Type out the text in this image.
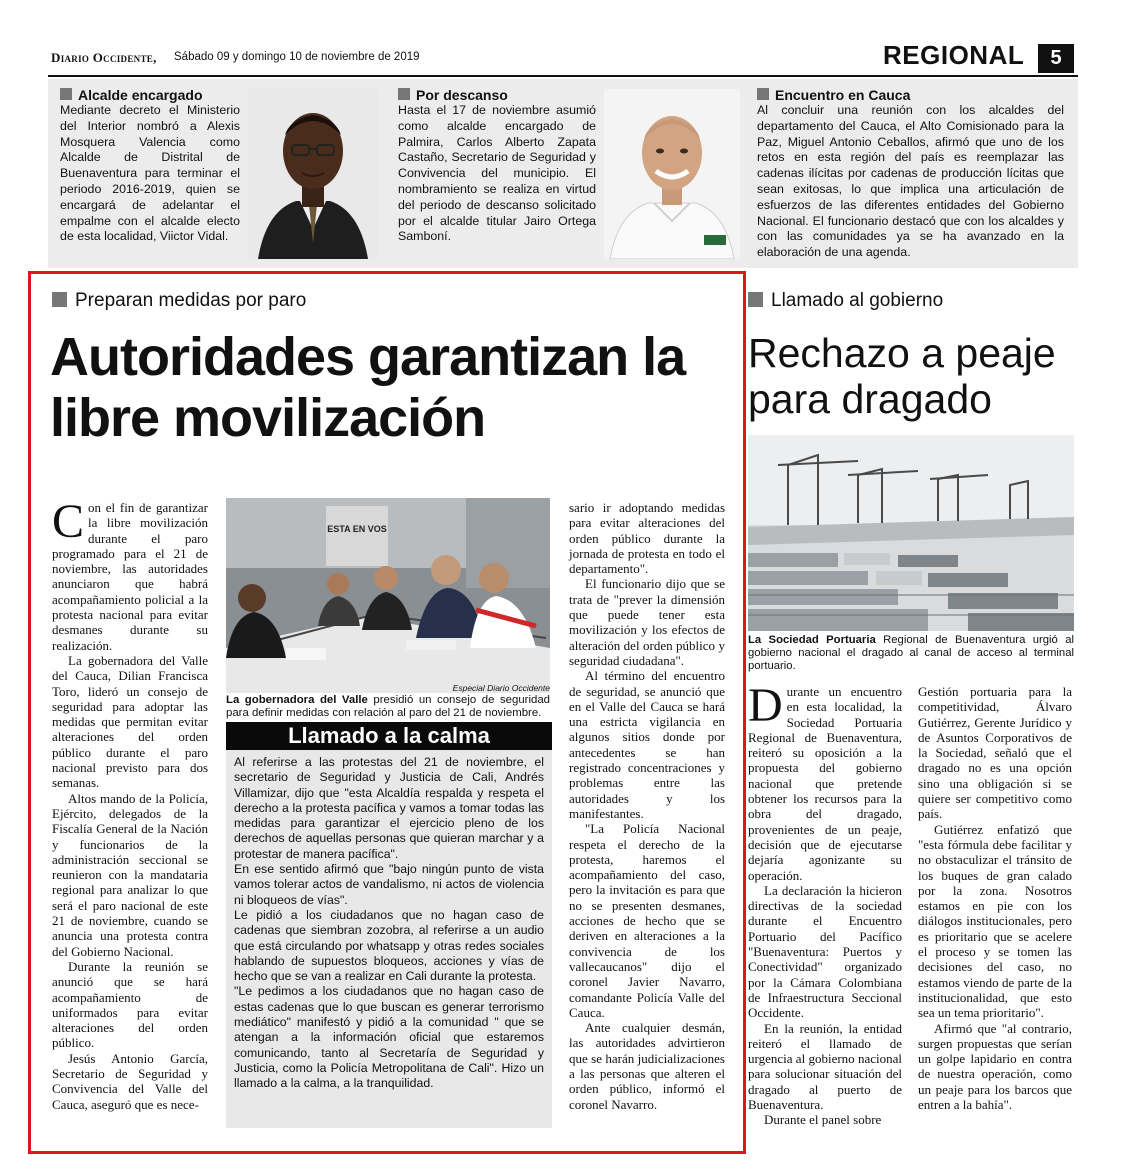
Diario Occidente, Sábado 09 y domingo 10 de noviembre de 2019	REGIONAL	5
Alcalde encargado

Mediante decreto el Ministerio del Interior nombró a Alexis Mosquera Valencia como Alcalde de Distrital de Buenaventura para terminar el periodo 2016-2019, quien se encargará de adelantar el empalme con el alcalde electo de esta localidad, Viictor Vidal.

Por descanso

Hasta el 17 de noviembre asumió como alcalde encargado de Palmira, Carlos Alberto Zapata Castaño, Secretario de Seguridad y Convivencia del municipio. El nombramiento se realiza en virtud del periodo de descanso solicitado por el alcalde titular Jairo Ortega Samboní.

Encuentro en Cauca

Al concluir una reunión con los alcaldes del departamento del Cauca, el Alto Comisionado para la Paz, Miguel Antonio Ceballos, afirmó que uno de los retos en esta región del país es reemplazar las cadenas ilícitas por cadenas de producción lícitas que sean exitosas, lo que implica una articulación de esfuerzos de las diferentes entidades del Gobierno Nacional. El funcionario destacó que con los alcaldes y con las comunidades ya se ha avanzado en la elaboración de una agenda.

Preparan medidas por paro
Autoridades garantizan la libre movilización

Con el fin de garantizar la libre movilización durante el paro programado para el 21 de noviembre, las autoridades anunciaron que habrá acompañamiento policial a la protesta nacional para evitar desmanes durante su realización.

La gobernadora del Valle del Cauca, Dilian Francisca Toro, lideró un consejo de seguridad para adoptar las medidas que permitan evitar alteraciones del orden público durante el paro nacional previsto para dos semanas.

Altos mando de la Policía, Ejército, delegados de la Fiscalía General de la Nación y funcionarios de la administración seccional se reunieron con la mandataria regional para analizar lo que será el paro nacional de este 21 de noviembre, cuando se anuncia una protesta contra del Gobierno Nacional.

Durante la reunión se anunció que se hará acompañamiento de uniformados para evitar alteraciones del orden público.

Jesús Antonio García, Secretario de Seguridad y Convivencia del Valle del Cauca, aseguró que es nece-

ESTA EN VOS
Especial Diario Occidente
La gobernadora del Valle presidió un consejo de seguridad para definir medidas con relación al paro del 21 de noviembre.
Llamado a la calma

Al referirse a las protestas del 21 de noviembre, el secretario de Seguridad y Justicia de Cali, Andrés Villamizar, dijo que "esta Alcaldía respalda y respeta el derecho a la protesta pacífica y vamos a tomar todas las medidas para garantizar el ejercicio pleno de los derechos de aquellas personas que quieran marchar y a protestar de manera pacífica".

En ese sentido afirmó que "bajo ningún punto de vista vamos tolerar actos de vandalismo, ni actos de violencia ni bloqueos de vías".

Le pidió a los ciudadanos que no hagan caso de cadenas que siembran zozobra, al referirse a un audio que está circulando por whatsapp y otras redes sociales hablando de supuestos bloqueos, acciones y vías de hecho que se van a realizar en Cali durante la protesta.

"Le pedimos a los ciudadanos que no hagan caso de estas cadenas que lo que buscan es generar terrorismo mediático" manifestó y pidió a la comunidad " que se atengan a la información oficial que estaremos comunicando, tanto al Secretaría de Seguridad y Justicia, como la Policía Metropolitana de Cali". Hizo un llamado a la calma, a la tranquilidad.

sario ir adoptando medidas para evitar alteraciones del orden público durante la jornada de protesta en todo el departamento".

El funcionario dijo que se trata de "prever la dimensión que puede tener esta movilización y los efectos de alteración del orden público y seguridad ciudadana".

Al término del encuentro de seguridad, se anunció que en el Valle del Cauca se hará una estricta vigilancia en algunos sitios donde por antecedentes se han registrado concentraciones y problemas entre las autoridades y los manifestantes.

"La Policía Nacional respeta el derecho de la protesta, haremos el acompañamiento del caso, pero la invitación es para que no se presenten desmanes, acciones de hecho que se deriven en alteraciones a la convivencia de los vallecaucanos" dijo el coronel Javier Navarro, comandante Policía Valle del Cauca.

Ante cualquier desmán, las autoridades advirtieron que se harán judicializaciones a las personas que alteren el orden público, informó el coronel Navarro.

Llamado al gobierno
Rechazo a peaje para dragado
La Sociedad Portuaria Regional de Buenaventura urgió al gobierno nacional el dragado al canal de acceso al terminal portuario.

Durante un encuentro en esta localidad, la Sociedad Portuaria Regional de Buenaventura, reiteró su oposición a la propuesta del gobierno nacional que pretende obtener los recursos para la obra del dragado, provenientes de un peaje, decisión que de ejecutarse dejaría agonizante su operación.

La declaración la hicieron directivas de la sociedad durante el Encuentro Portuario del Pacífico "Buenaventura: Puertos y Conectividad" organizado por la Cámara Colombiana de Infraestructura Seccional Occidente.

En la reunión, la entidad reiteró el llamado de urgencia al gobierno nacional para solucionar situación del dragado al puerto de Buenaventura.

Durante el panel sobre

Gestión portuaria para la competitividad, Álvaro Gutiérrez, Gerente Jurídico y de Asuntos Corporativos de la Sociedad, señaló que el dragado no es una opción sino una obligación si se quiere ser competitivo como país.

Gutiérrez enfatizó que "esta fórmula debe facilitar y no obstaculizar el tránsito de los buques de gran calado por la zona. Nosotros estamos en pie con los diálogos institucionales, pero es prioritario que se acelere el proceso y se tomen las decisiones del caso, no estamos viendo de parte de la institucionalidad, que esto sea un tema prioritario".

Afirmó que "al contrario, surgen propuestas que serían un golpe lapidario en contra de nuestra operación, como un peaje para los barcos que entren a la bahía".
